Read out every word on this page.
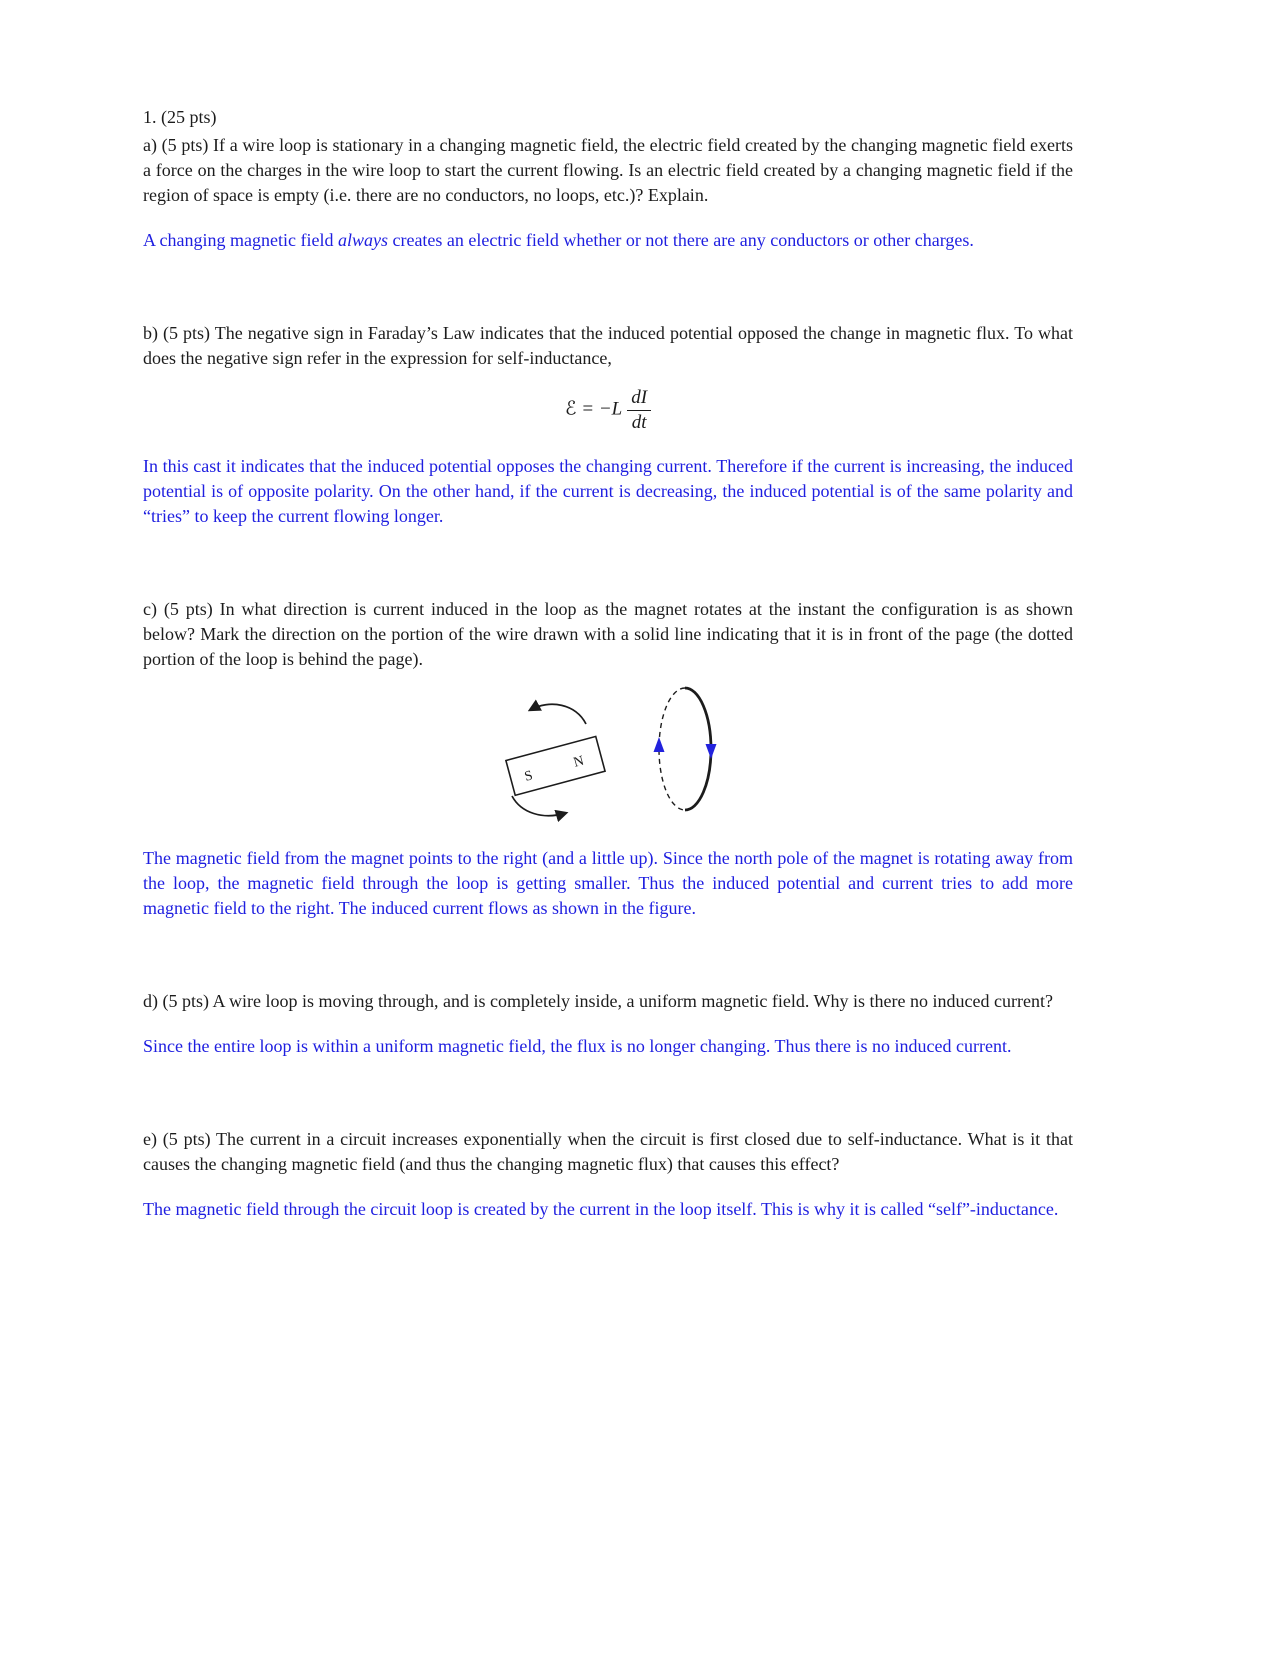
1. (25 pts)

a) (5 pts) If a wire loop is stationary in a changing magnetic field, the electric field created by the changing magnetic field exerts a force on the charges in the wire loop to start the current flowing. Is an electric field created by a changing magnetic field if the region of space is empty (i.e. there are no conductors, no loops, etc.)? Explain.

A changing magnetic field always creates an electric field whether or not there are any conductors or other charges.

b) (5 pts) The negative sign in Faraday’s Law indicates that the induced potential opposed the change in magnetic flux. To what does the negative sign refer in the expression for self-inductance,

ℰ = $-L \frac{dI}{dt}$

In this cast it indicates that the induced potential opposes the changing current. Therefore if the current is increasing, the induced potential is of opposite polarity. On the other hand, if the current is decreasing, the induced potential is of the same polarity and “tries” to keep the current flowing longer.

c) (5 pts) In what direction is current induced in the loop as the magnet rotates at the instant the configuration is as shown below? Mark the direction on the portion of the wire drawn with a solid line indicating that it is in front of the page (the dotted portion of the loop is behind the page).

S
N

The magnetic field from the magnet points to the right (and a little up). Since the north pole of the magnet is rotating away from the loop, the magnetic field through the loop is getting smaller. Thus the induced potential and current tries to add more magnetic field to the right. The induced current flows as shown in the figure.

d) (5 pts) A wire loop is moving through, and is completely inside, a uniform magnetic field. Why is there no induced current?

Since the entire loop is within a uniform magnetic field, the flux is no longer changing. Thus there is no induced current.

e) (5 pts) The current in a circuit increases exponentially when the circuit is first closed due to self-inductance. What is it that causes the changing magnetic field (and thus the changing magnetic flux) that causes this effect?

The magnetic field through the circuit loop is created by the current in the loop itself. This is why it is called “self”-inductance.
